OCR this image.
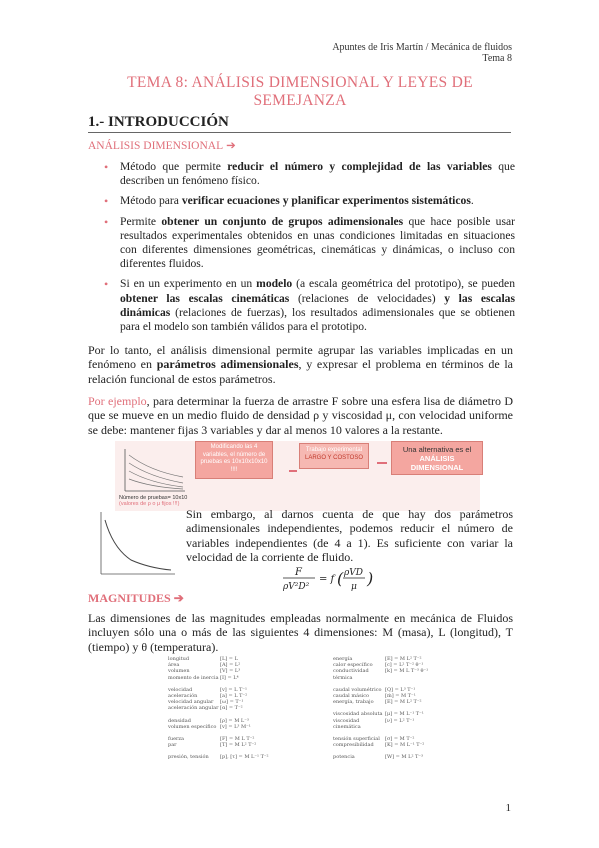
Apuntes de Iris Martín / Mecánica de fluidos
Tema 8
TEMA 8: ANÁLISIS DIMENSIONAL Y LEYES DE
SEMEJANZA
1.- INTRODUCCIÓN
ANÁLISIS DIMENSIONAL ➔
• Método que permite reducir el número y complejidad de las variables que describen un fenómeno físico.
• Método para verificar ecuaciones y planificar experimentos sistemáticos.
• Permite obtener un conjunto de grupos adimensionales que hace posible usar resultados experimentales obtenidos en unas condiciones limitadas en situaciones con diferentes dimensiones geométricas, cinemáticas y dinámicas, o incluso con diferentes fluidos.
• Si en un experimento en un modelo (a escala geométrica del prototipo), se pueden obtener las escalas cinemáticas (relaciones de velocidades) y las escalas dinámicas (relaciones de fuerzas), los resultados adimensionales que se obtienen para el modelo son también válidos para el prototipo.
Por lo tanto, el análisis dimensional permite agrupar las variables implicadas en un fenómeno en parámetros adimensionales, y expresar el problema en términos de la relación funcional de estos parámetros.
Por ejemplo, para determinar la fuerza de arrastre F sobre una esfera lisa de diámetro D que se mueve en un medio fluido de densidad ρ y viscosidad μ, con velocidad uniforme se debe: mantener fijas 3 variables y dar al menos 10 valores a la restante.
Número de pruebas= 10x10
(valores de ρ o μ fijos !!!)
Modificando las 4 variables, el número de pruebas es 10x10x10x10 !!!!
Trabajo experimental
LARGO Y COSTOSO
Una alternativa es el
ANÁLISIS DIMENSIONAL
Sin embargo, al darnos cuenta de que hay dos parámetros adimensionales independientes, podemos reducir el número de variables independientes (de 4 a 1). Es suficiente con variar la velocidad de la corriente de fluido.
F
ρV²D²
= f ( ρVD
μ )
MAGNITUDES ➔
Las dimensiones de las magnitudes empleadas normalmente en mecánica de Fluidos incluyen sólo una o más de las siguientes 4 dimensiones: M (masa), L (longitud), T (tiempo) y θ (temperatura).
longitud	[L] = L
área	[A] = L²
volumen	[V] = L³
momento de inercia [I] = L⁴
velocidad	[v] = L T⁻¹
aceleración	[a] = L T⁻²
velocidad angular	[ω] = T⁻¹
aceleración angular [α] = T⁻²
densidad	[ρ] = M L⁻³
volumen específico [v] = L³ M⁻¹
fuerza	[F] = M L T⁻²
par	[T] = M L² T⁻²
presión, tensión	[p], [τ] = M L⁻¹ T⁻²
energía	[E] = M L² T⁻²
calor específico	[c] = L² T⁻² θ⁻¹
conductividad térmica
[k] = M L T⁻³ θ⁻¹
caudal volumétrico [Q] = L³ T⁻¹
caudal másico	[ṁ] = M T⁻¹
energía, trabajo	[E] = M L² T⁻²
viscosidad absoluta [μ] = M L⁻¹ T⁻¹
viscosidad cinemática
[ν] = L² T⁻¹
tensión superficial	[σ] = M T⁻²
compresibilidad	[K] = M L⁻¹ T⁻²
potencia	[W] = M L² T⁻³
1
